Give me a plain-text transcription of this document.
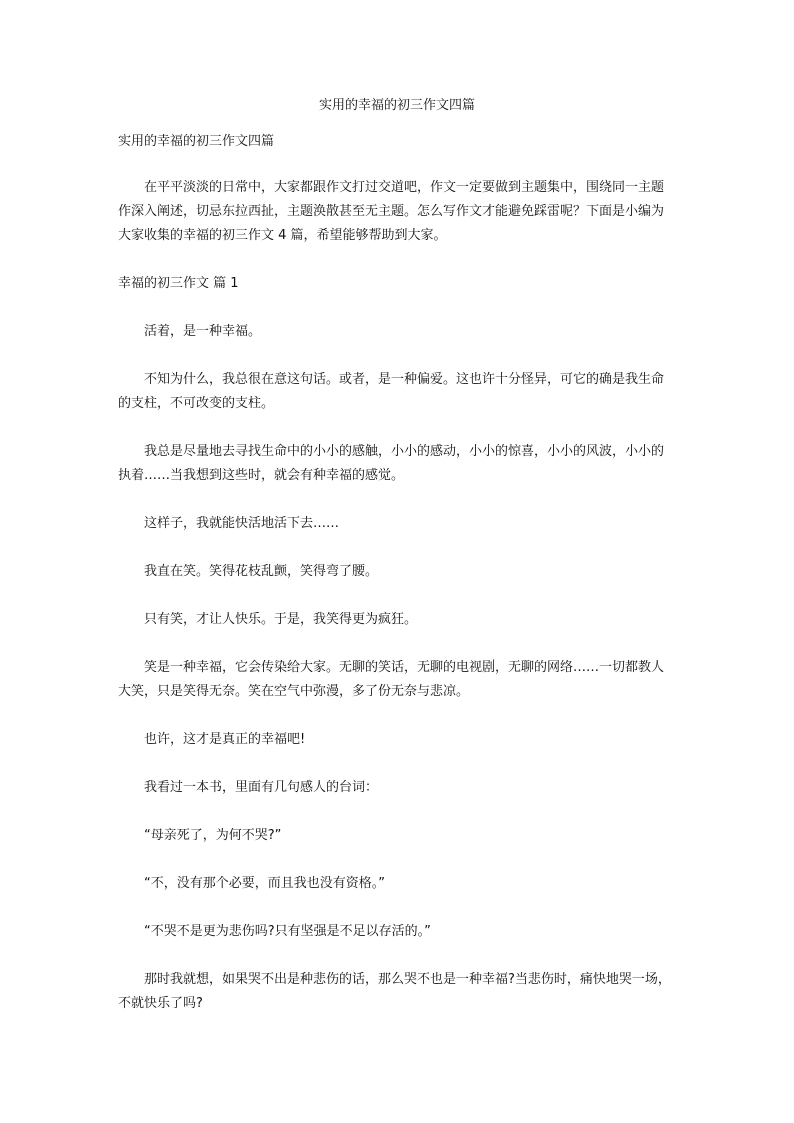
实用的幸福的初三作文四篇
实用的幸福的初三作文四篇
在平平淡淡的日常中，大家都跟作文打过交道吧，作文一定要做到主题集中，围绕同一主题作深入阐述，切忌东拉西扯，主题涣散甚至无主题。怎么写作文才能避免踩雷呢？下面是小编为大家收集的幸福的初三作文 4 篇，希望能够帮助到大家。
幸福的初三作文 篇 1
活着，是一种幸福。
不知为什么，我总很在意这句话。或者，是一种偏爱。这也许十分怪异，可它的确是我生命的支柱，不可改变的支柱。
我总是尽量地去寻找生命中的小小的感触，小小的感动，小小的惊喜，小小的风波，小小的执着……当我想到这些时，就会有种幸福的感觉。
这样子，我就能快活地活下去……
我直在笑。笑得花枝乱颤，笑得弯了腰。
只有笑，才让人快乐。于是，我笑得更为疯狂。
笑是一种幸福，它会传染给大家。无聊的笑话，无聊的电视剧，无聊的网络……一切都教人大笑，只是笑得无奈。笑在空气中弥漫，多了份无奈与悲凉。
也许，这才是真正的幸福吧!
我看过一本书，里面有几句感人的台词：
“母亲死了，为何不哭?”
“不，没有那个必要，而且我也没有资格。”
“不哭不是更为悲伤吗?只有坚强是不足以存活的。”
那时我就想，如果哭不出是种悲伤的话，那么哭不也是一种幸福?当悲伤时，痛快地哭一场，不就快乐了吗?
